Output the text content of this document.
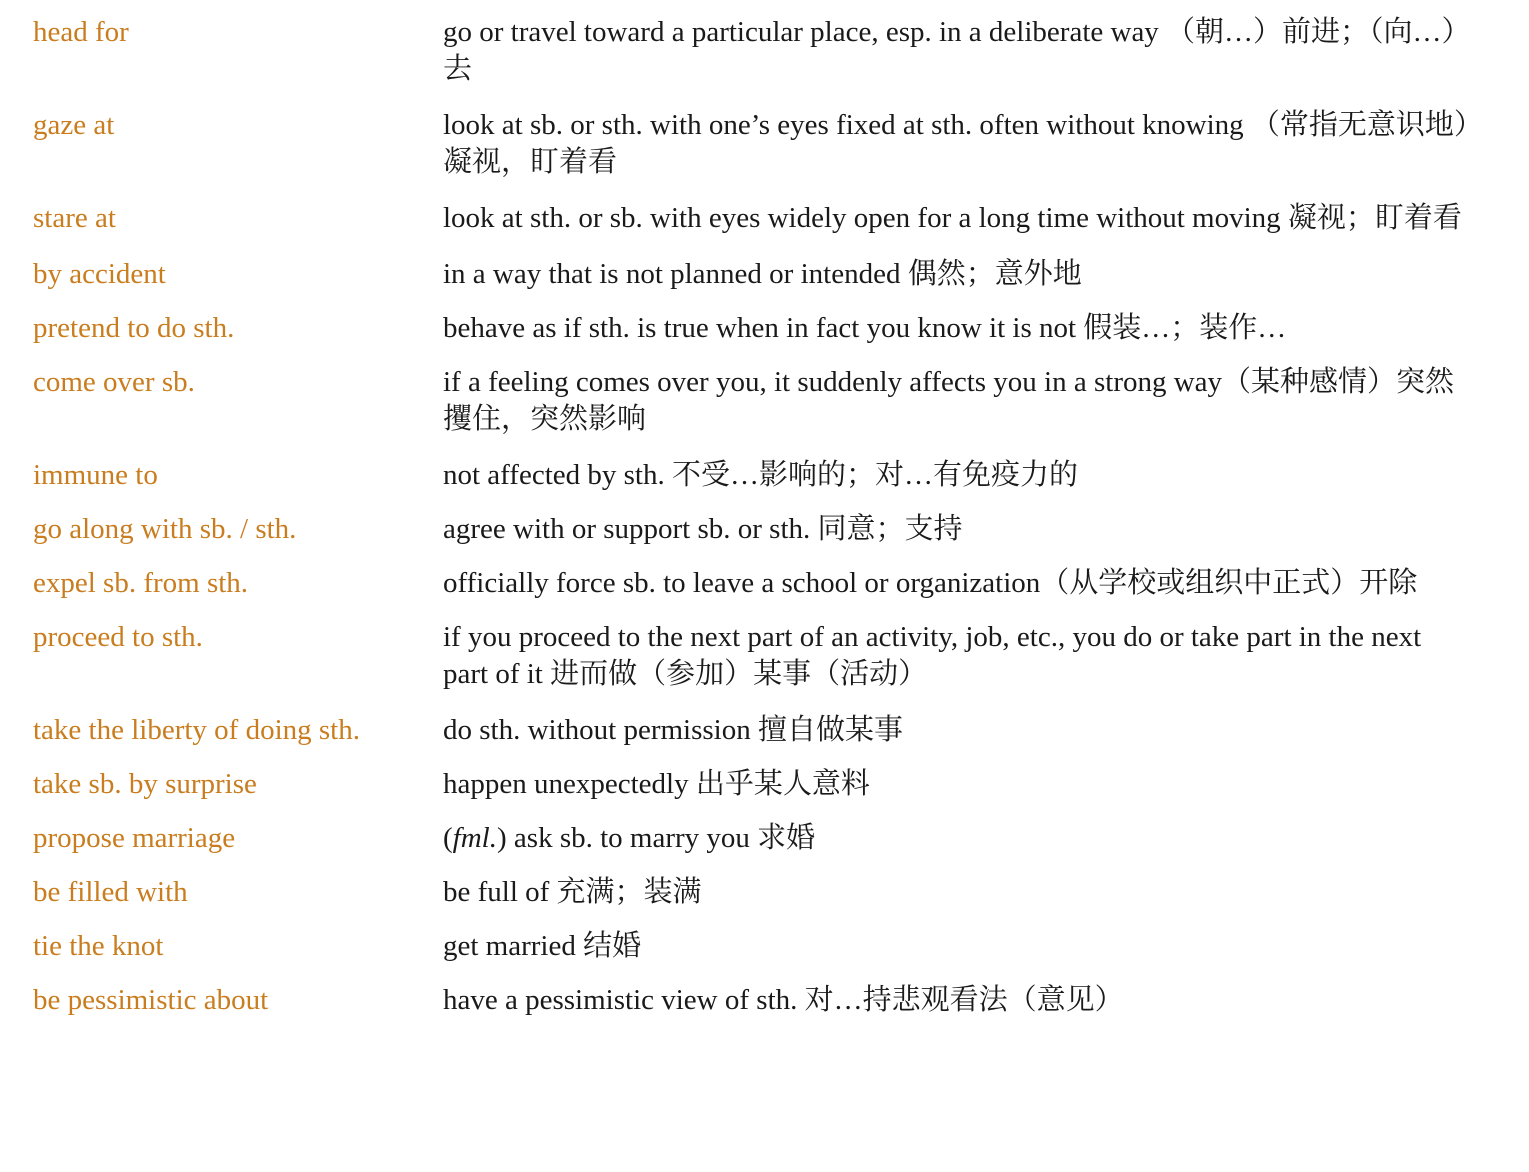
head for	go or travel toward a particular place, esp. in a deliberate way （朝…）前进；（向…）去
gaze at	look at sb. or sth. with one’s eyes fixed at sth. often without knowing （常指无意识地）凝视，盯着看
stare at	look at sth. or sb. with eyes widely open for a long time without moving 凝视；盯着看
by accident	in a way that is not planned or intended 偶然；意外地
pretend to do sth.	behave as if sth. is true when in fact you know it is not 假装…；装作…
come over sb.	if a feeling comes over you, it suddenly affects you in a strong way（某种感情）突然攫住，突然影响
immune to	not affected by sth. 不受…影响的；对…有免疫力的
go along with sb. / sth.	agree with or support sb. or sth. 同意；支持
expel sb. from sth.	officially force sb. to leave a school or organization（从学校或组织中正式）开除
proceed to sth.	if you proceed to the next part of an activity, job, etc., you do or take part in the next part of it 进而做（参加）某事（活动）
take the liberty of doing sth.	do sth. without permission 擅自做某事
take sb. by surprise	happen unexpectedly 出乎某人意料
propose marriage	(fml.) ask sb. to marry you 求婚
be filled with	be full of 充满；装满
tie the knot	get married 结婚
be pessimistic about	have a pessimistic view of sth. 对…持悲观看法（意见）
